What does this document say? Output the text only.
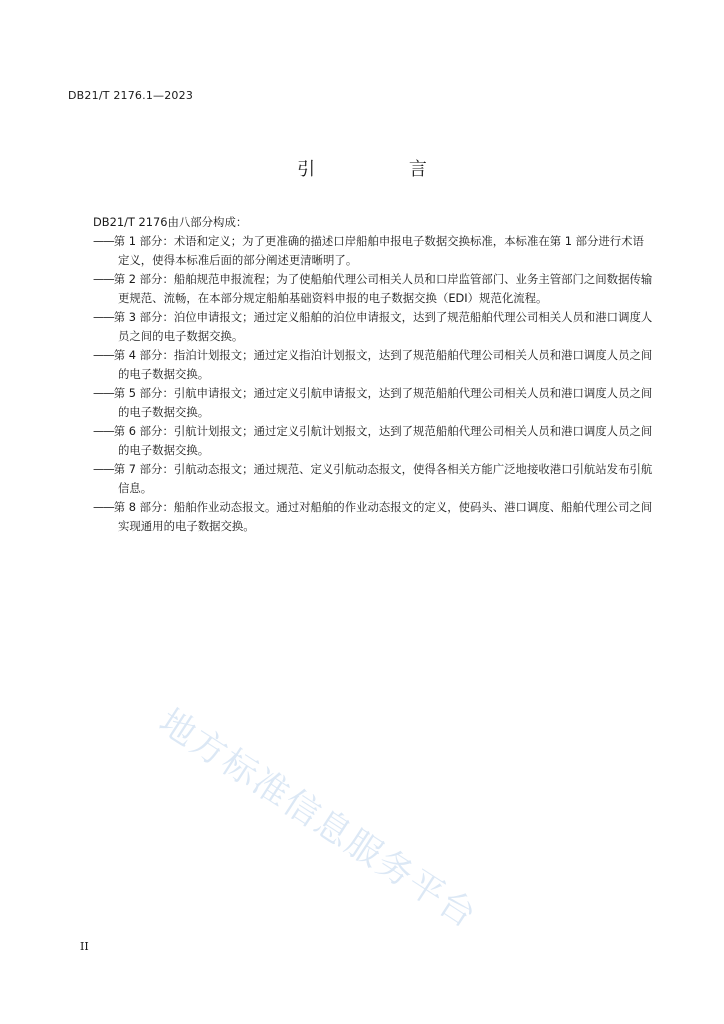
DB21/T 2176.1—2023
引 言
DB21/T 2176由八部分构成：
——第 1 部分：术语和定义；为了更准确的描述口岸船舶申报电子数据交换标准，本标准在第 1 部分进行术语定义，使得本标准后面的部分阐述更清晰明了。
——第 2 部分：船舶规范申报流程；为了使船舶代理公司相关人员和口岸监管部门、业务主管部门之间数据传输更规范、流畅，在本部分规定船舶基础资料申报的电子数据交换（EDI）规范化流程。
——第 3 部分：泊位申请报文；通过定义船舶的泊位申请报文，达到了规范船舶代理公司相关人员和港口调度人员之间的电子数据交换。
——第 4 部分：指泊计划报文；通过定义指泊计划报文，达到了规范船舶代理公司相关人员和港口调度人员之间的电子数据交换。
——第 5 部分：引航申请报文；通过定义引航申请报文，达到了规范船舶代理公司相关人员和港口调度人员之间的电子数据交换。
——第 6 部分：引航计划报文；通过定义引航计划报文，达到了规范船舶代理公司相关人员和港口调度人员之间的电子数据交换。
——第 7 部分：引航动态报文；通过规范、定义引航动态报文，使得各相关方能广泛地接收港口引航站发布引航信息。
——第 8 部分：船舶作业动态报文。通过对船舶的作业动态报文的定义，使码头、港口调度、船舶代理公司之间实现通用的电子数据交换。
地方标准信息服务平台
II
